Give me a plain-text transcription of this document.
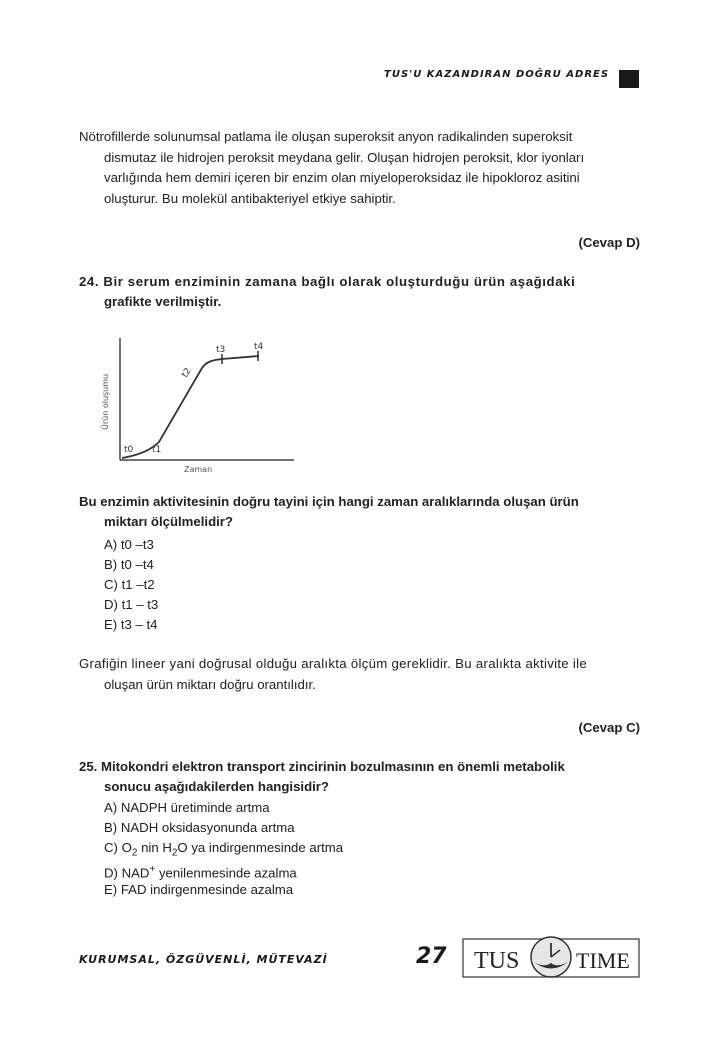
TUS'U KAZANDIRAN DOĞRU ADRES
Nötrofillerde solunumsal patlama ile oluşan superoksit anyon radikalinden superoksit
dismutaz ile hidrojen peroksit meydana gelir. Oluşan hidrojen peroksit, klor iyonları
varlığında hem demiri içeren bir enzim olan miyeloperoksidaz ile hipokloroz asitini
oluşturur. Bu molekül antibakteriyel etkiye sahiptir.
(Cevap D)
24. Bir serum enziminin zamana bağlı olarak oluşturduğu ürün aşağıdaki
grafikte verilmiştir.
Ürün oluşumu
Zaman
t0 t1
t2
t3	t4
Bu enzimin aktivitesinin doğru tayini için hangi zaman aralıklarında oluşan ürün
miktarı ölçülmelidir?
A) t0 –t3
B) t0 –t4
C) t1 –t2
D) t1 – t3
E) t3 – t4
Grafiğin lineer yani doğrusal olduğu aralıkta ölçüm gereklidir. Bu aralıkta aktivite ile
oluşan ürün miktarı doğru orantılıdır.
(Cevap C)
25. Mitokondri elektron transport zincirinin bozulmasının en önemli metabolik
sonucu aşağıdakilerden hangisidir?
A) NADPH üretiminde artma
B) NADH oksidasyonunda artma
C) $O_2$ nin $H_2O$ ya indirgenmesinde artma
D) NAD+ yenilenmesinde azalma
E) FAD indirgenmesinde azalma
KURUMSAL, ÖZGÜVENLİ, MÜTEVAZİ	27 TUS	TIME
